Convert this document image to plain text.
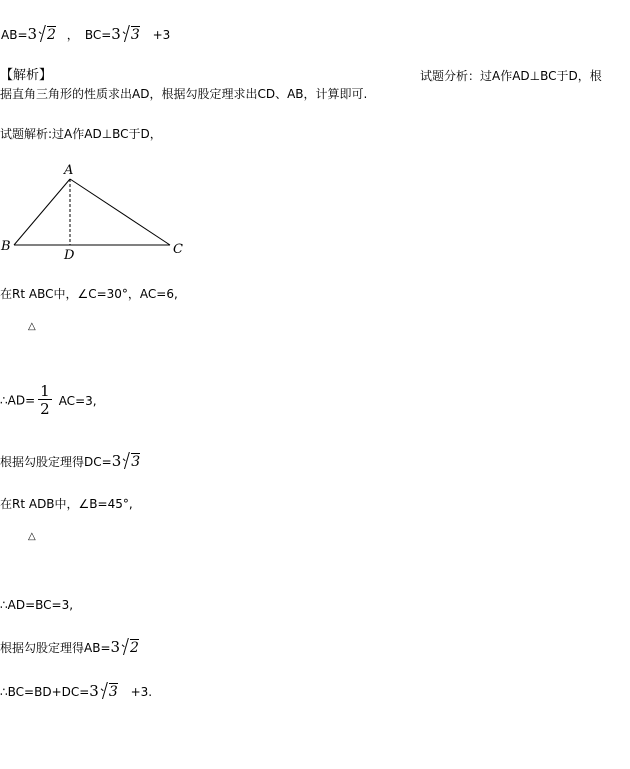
AB=3 2 ， BC=3 3 +3
【解析】	试题分析：过A作AD⊥BC于D，根
据直角三角形的性质求出AD，根据勾股定理求出CD、AB，计算即可.
试题解析:过A作AD⊥BC于D，
A
B	C
D
在Rt ABC中，∠C=30°，AC=6,
△
∴AD= $\frac{1}{2} AC=3$,
根据勾股定理得DC=3 3
在Rt ADB中，∠B=45°,
△
∴AD=BC=3,
根据勾股定理得AB=3 2
∴BC=BD+DC=3 3 +3.
